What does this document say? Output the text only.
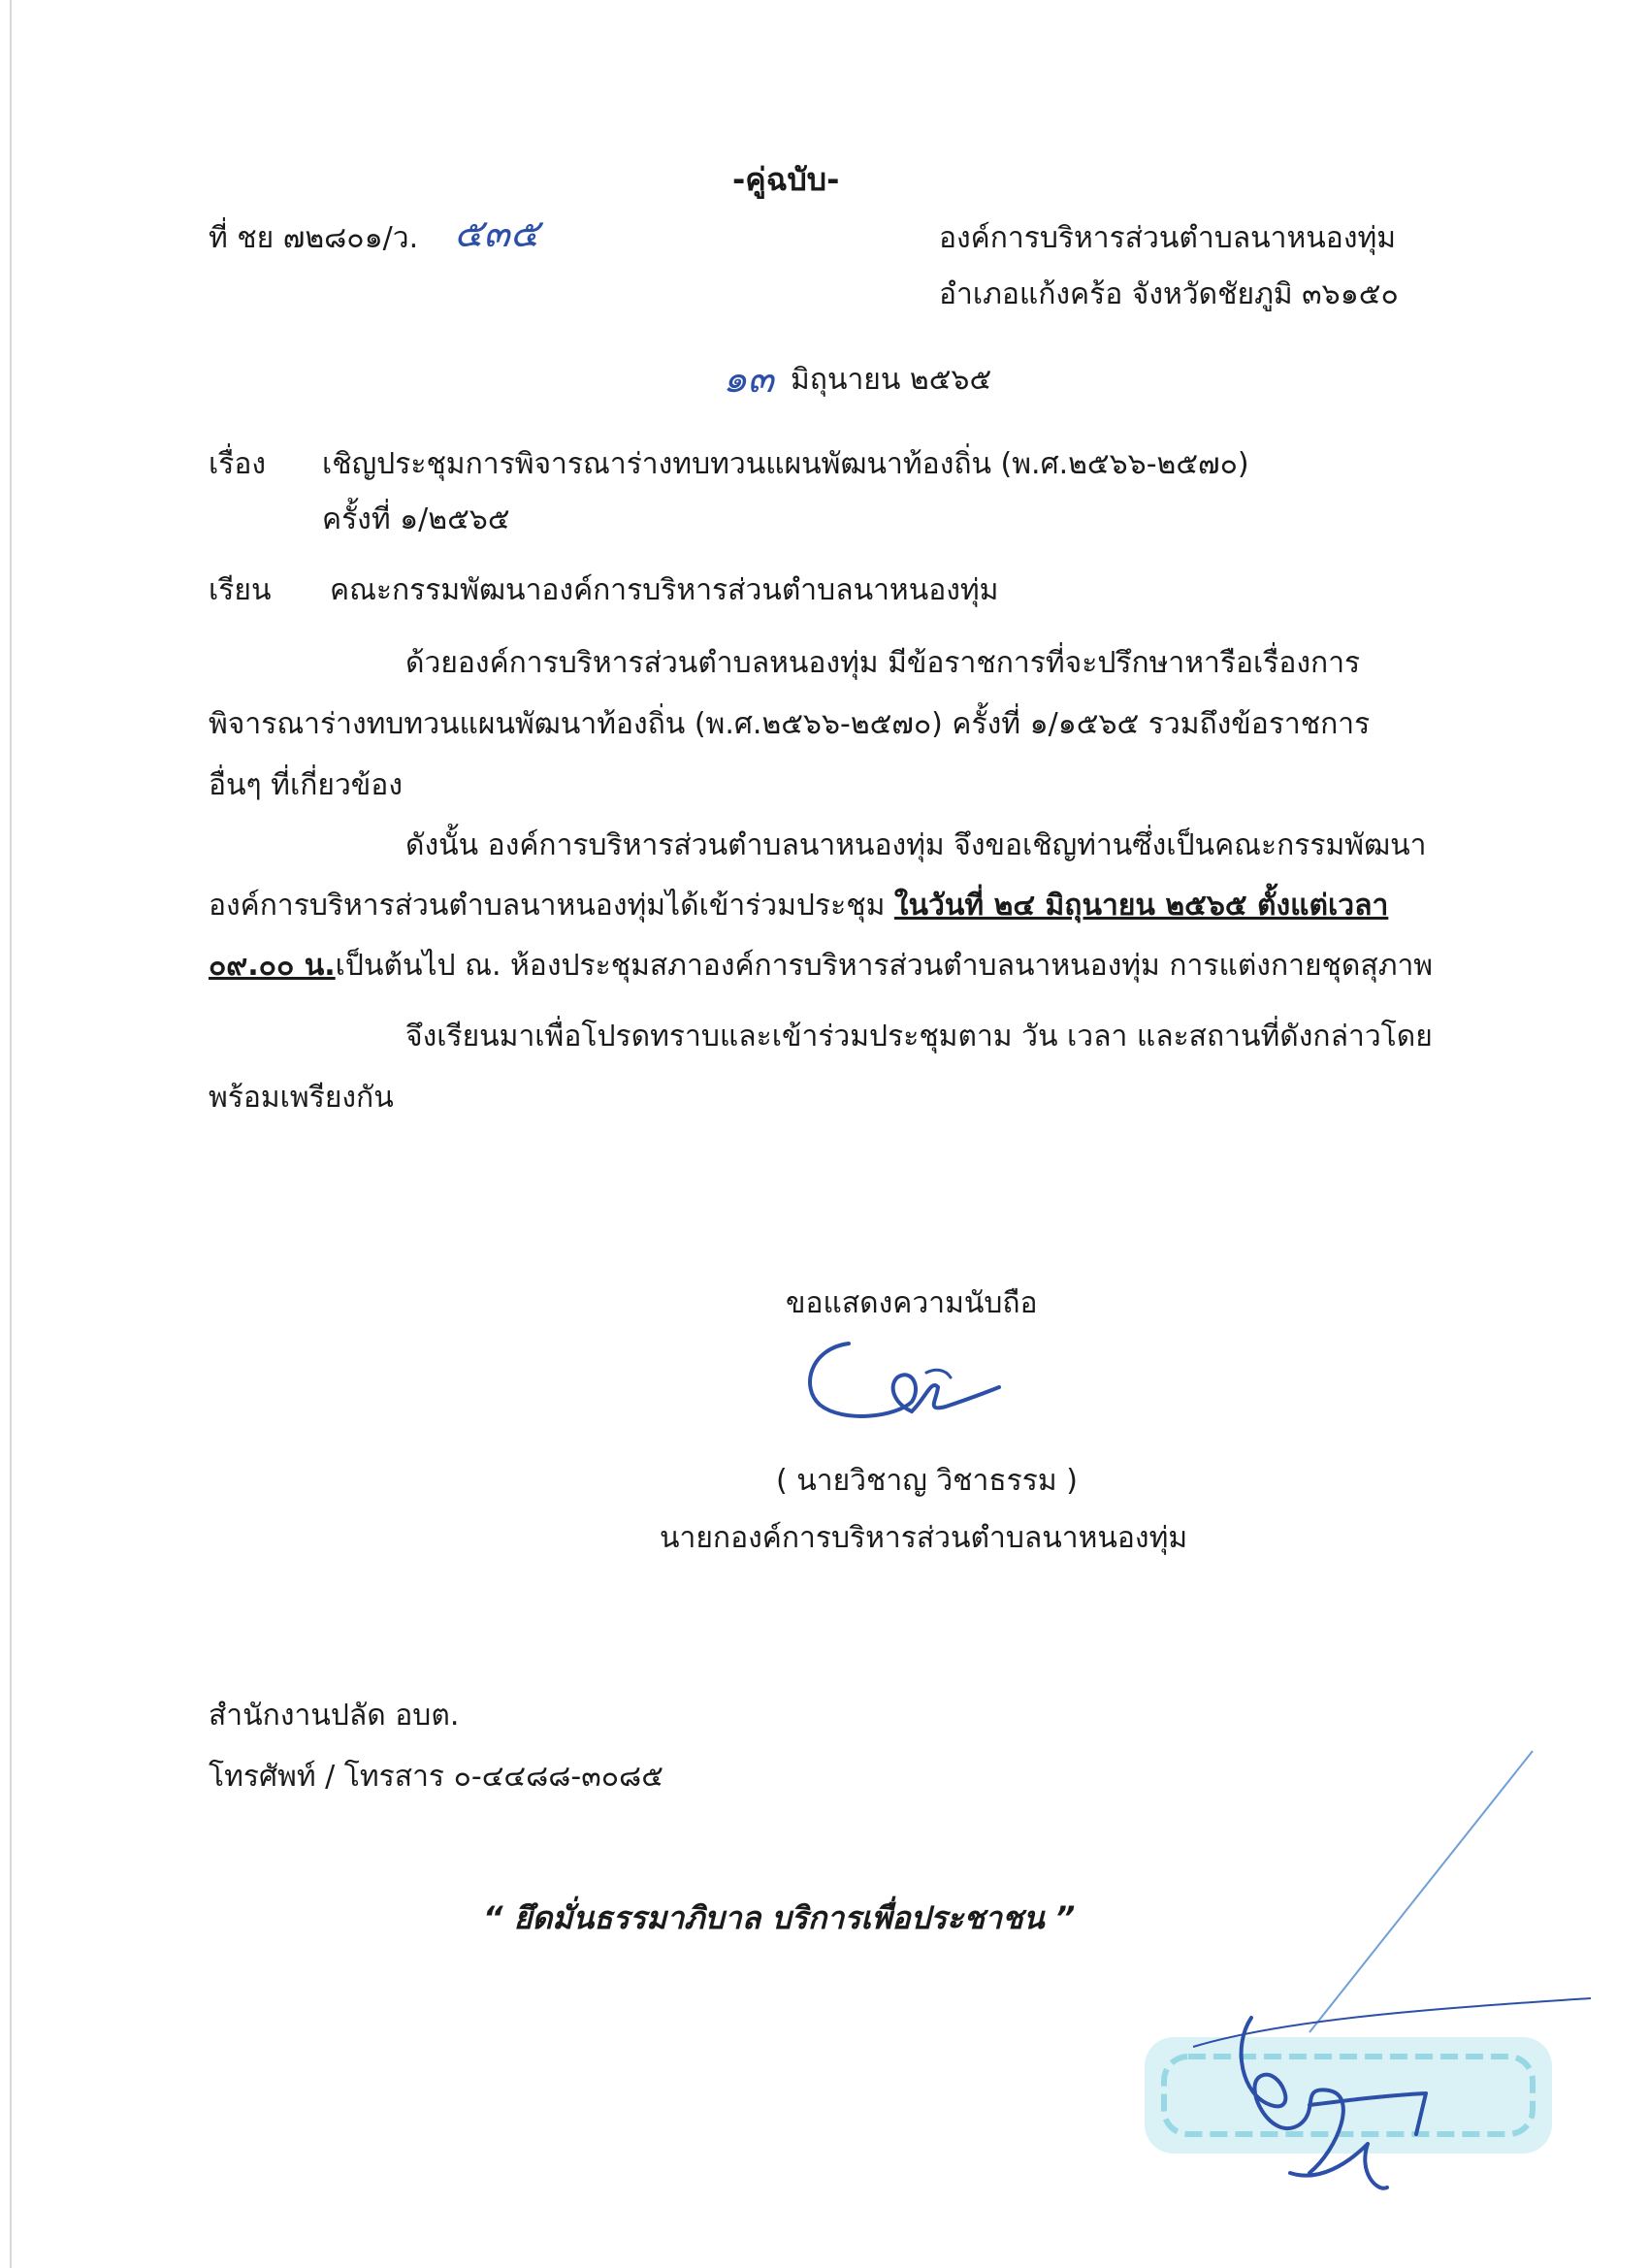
-คู่ฉบับ-
ที่ ชย ๗๒๘๐๑/ว. ๕๓๕	องค์การบริหารส่วนตำบลนาหนองทุ่ม
อำเภอแก้งคร้อ จังหวัดชัยภูมิ ๓๖๑๕๐
๑๓ มิถุนายน ๒๕๖๕
เรื่อง เชิญประชุมการพิจารณาร่างทบทวนแผนพัฒนาท้องถิ่น (พ.ศ.๒๕๖๖-๒๕๗๐)
ครั้งที่ ๑/๒๕๖๕
เรียน คณะกรรมพัฒนาองค์การบริหารส่วนตำบลนาหนองทุ่ม
ด้วยองค์การบริหารส่วนตำบลหนองทุ่ม มีข้อราชการที่จะปรึกษาหารือเรื่องการ
พิจารณาร่างทบทวนแผนพัฒนาท้องถิ่น (พ.ศ.๒๕๖๖-๒๕๗๐) ครั้งที่ ๑/๑๕๖๕ รวมถึงข้อราชการ
อื่นๆ ที่เกี่ยวข้อง
ดังนั้น องค์การบริหารส่วนตำบลนาหนองทุ่ม จึงขอเชิญท่านซึ่งเป็นคณะกรรมพัฒนา
องค์การบริหารส่วนตำบลนาหนองทุ่มได้เข้าร่วมประชุม ในวันที่ ๒๔ มิถุนายน ๒๕๖๕ ตั้งแต่เวลา
๐๙.๐๐ น.เป็นต้นไป ณ. ห้องประชุมสภาองค์การบริหารส่วนตำบลนาหนองทุ่ม การแต่งกายชุดสุภาพ
จึงเรียนมาเพื่อโปรดทราบและเข้าร่วมประชุมตาม วัน เวลา และสถานที่ดังกล่าวโดย
พร้อมเพรียงกัน
ขอแสดงความนับถือ
( นายวิชาญ วิชาธรรม )
นายกองค์การบริหารส่วนตำบลนาหนองทุ่ม
สำนักงานปลัด อบต.
โทรศัพท์ / โทรสาร ๐-๔๔๘๘-๓๐๘๕
“ ยึดมั่นธรรมาภิบาล บริการเพื่อประชาชน ”
